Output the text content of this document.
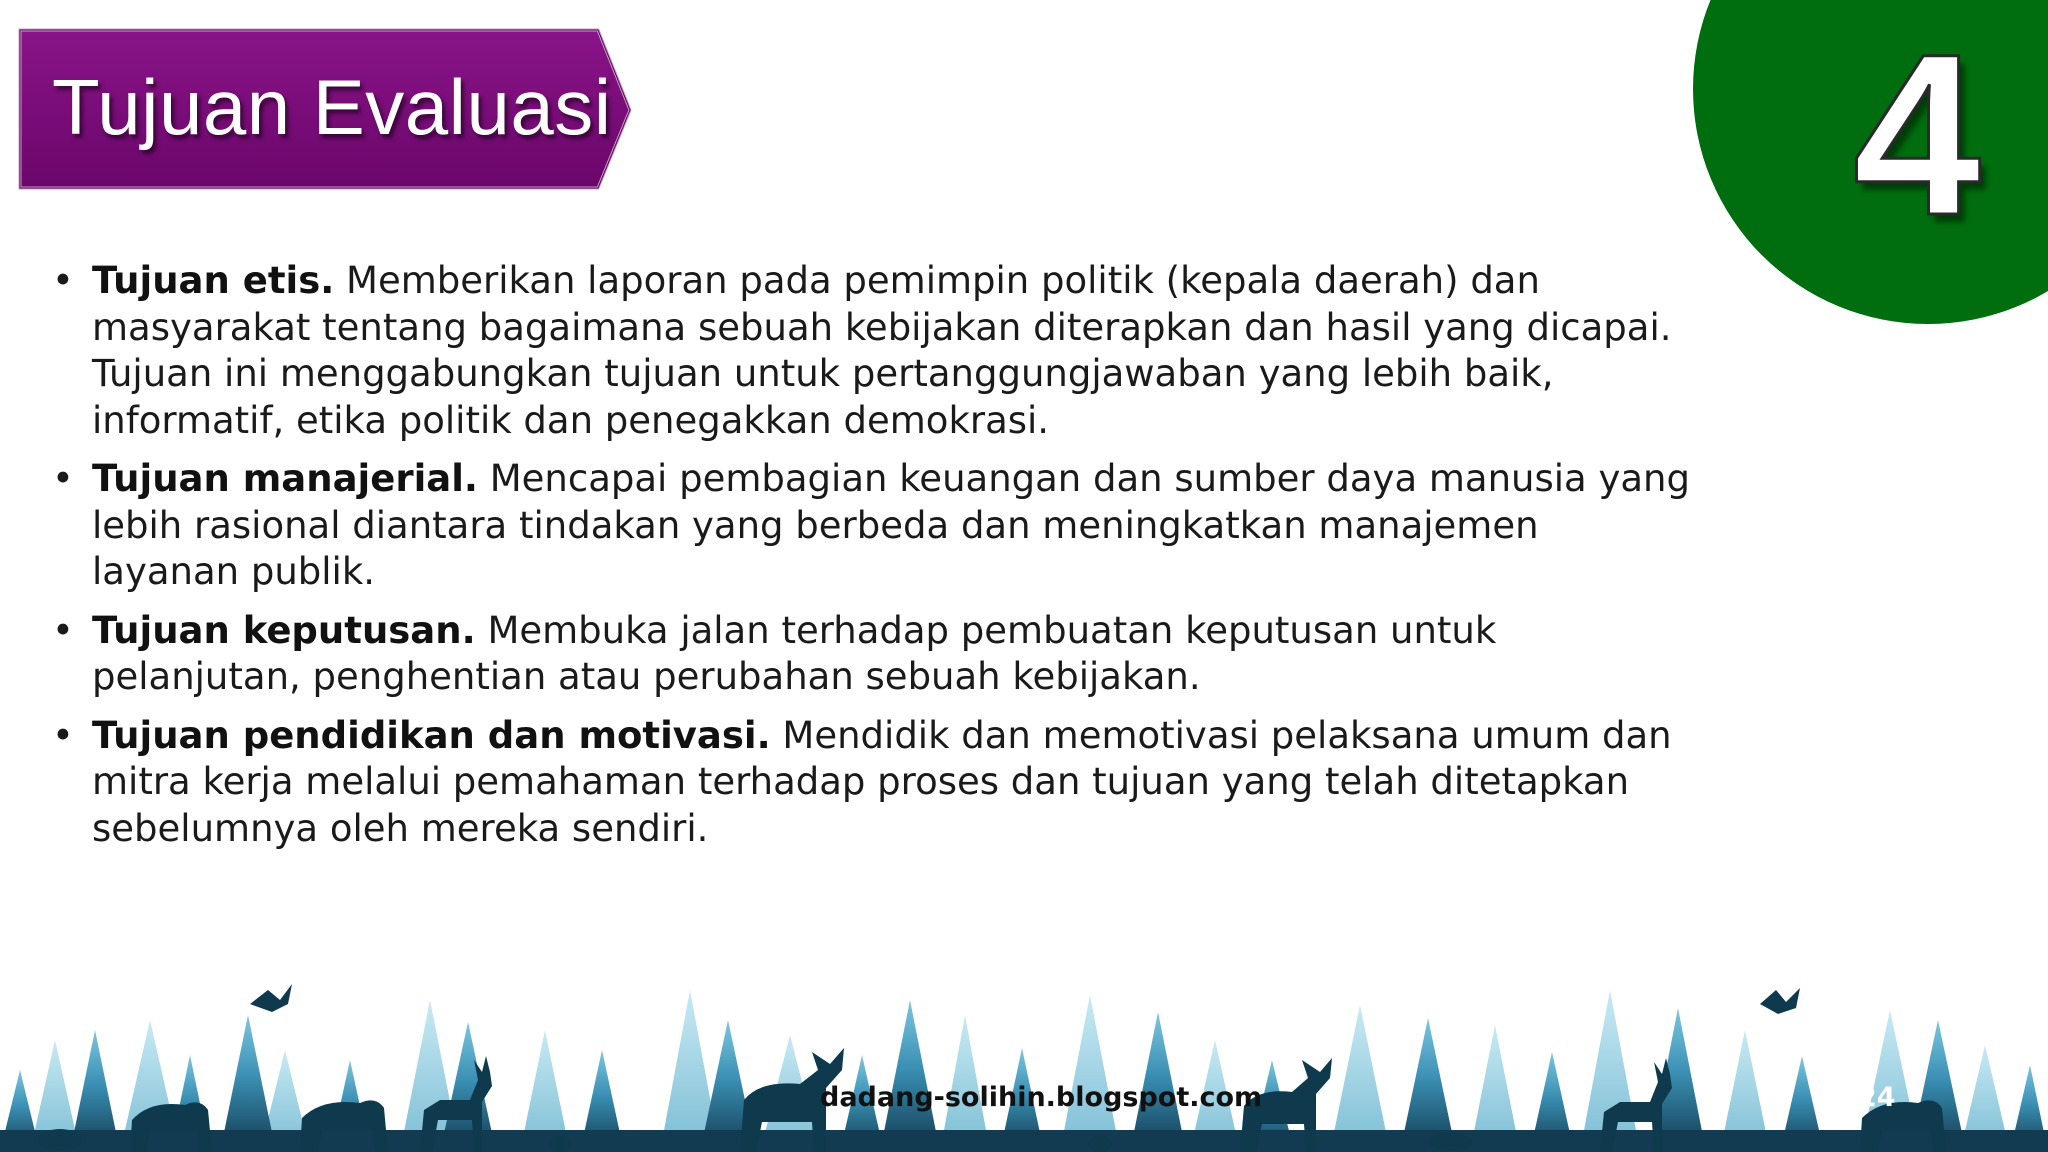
Tujuan Evaluasi	4
• Tujuan etis. Memberikan laporan pada pemimpin politik (kepala daerah) dan masyarakat tentang bagaimana sebuah kebijakan diterapkan dan hasil yang dicapai. Tujuan ini menggabungkan tujuan untuk pertanggungjawaban yang lebih baik, informatif, etika politik dan penegakkan demokrasi.
• Tujuan manajerial. Mencapai pembagian keuangan dan sumber daya manusia yang lebih rasional diantara tindakan yang berbeda dan meningkatkan manajemen layanan publik.
• Tujuan keputusan. Membuka jalan terhadap pembuatan keputusan untuk pelanjutan, penghentian atau perubahan sebuah kebijakan.
• Tujuan pendidikan dan motivasi. Mendidik dan memotivasi pelaksana umum dan mitra kerja melalui pemahaman terhadap proses dan tujuan yang telah ditetapkan sebelumnya oleh mereka sendiri.
dadang-solihin.blogspot.com	24
